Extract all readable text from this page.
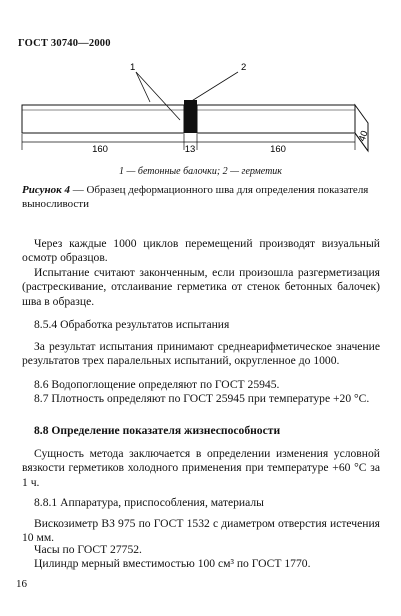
ГОСТ 30740—2000
1	2
160	13	160
40
1 — бетонные балочки; 2 — герметик
Рисунок 4 — Образец деформационного шва для определения показателя выносливости

Через каждые 1000 циклов перемещений производят визуальный осмотр образцов.

Испытание считают законченным, если произошла разгерметизация (растрескивание, отслаивание герметика от стенок бетонных балочек) шва в образце.

8.5.4 Обработка результатов испытания

За результат испытания принимают среднеарифметическое значение результатов трех паралельных испытаний, округленное до 1000.

8.6 Водопоглощение определяют по ГОСТ 25945.

8.7 Плотность определяют по ГОСТ 25945 при температуре +20 °С.

8.8 Определение показателя жизнеспособности

Сущность метода заключается в определении изменения условной вязкости герметиков холодного применения при температуре +60 °С за 1 ч.

8.8.1 Аппаратура, приспособления, материалы

Вискозиметр ВЗ 975 по ГОСТ 1532 с диаметром отверстия истечения 10 мм.

Часы по ГОСТ 27752.

Цилиндр мерный вместимостью 100 см³ по ГОСТ 1770.

16
